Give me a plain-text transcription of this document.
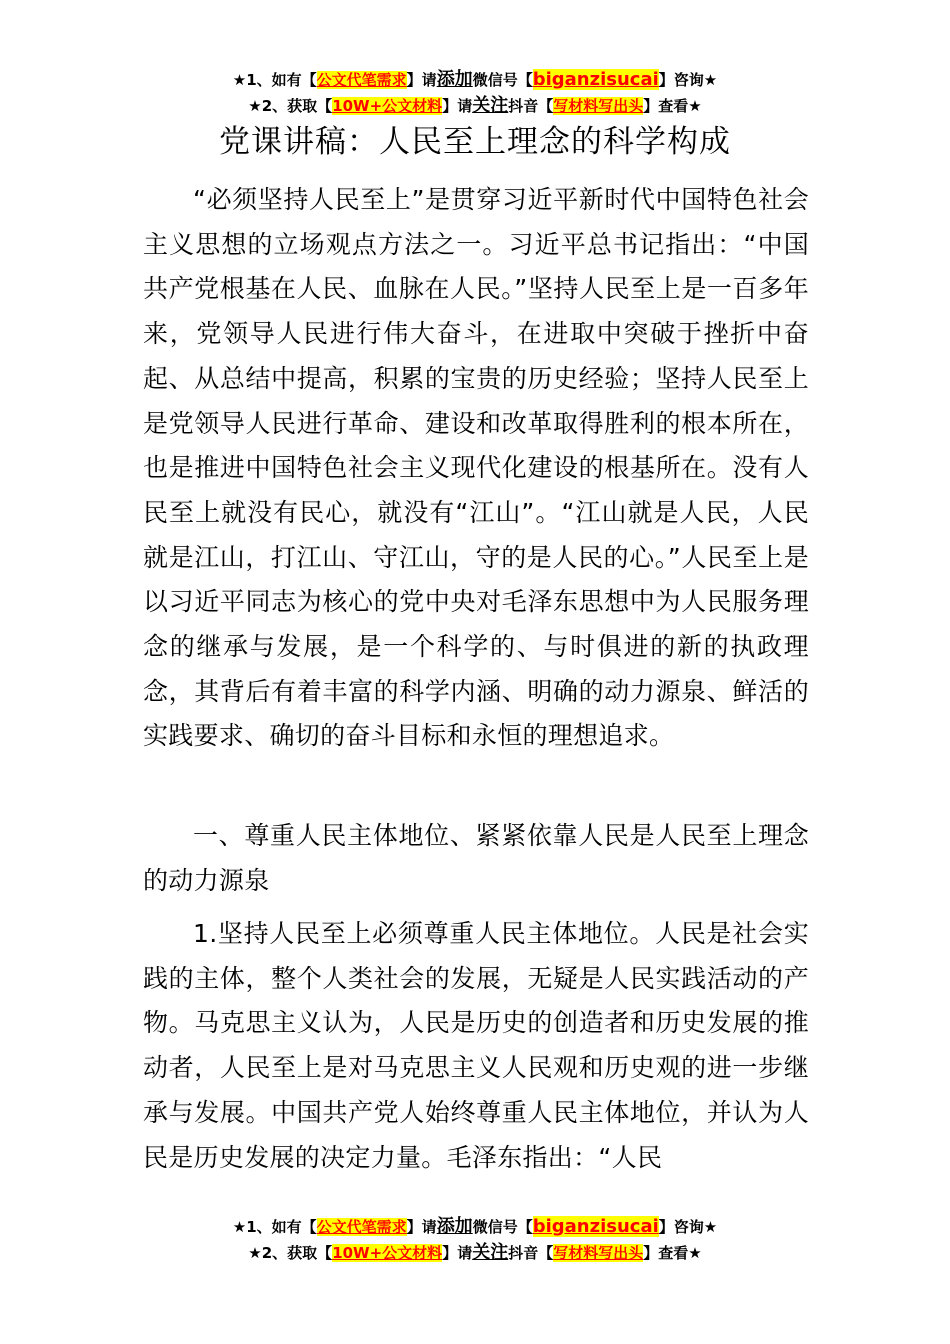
★1、如有【公文代笔需求】请添加微信号【biganzisucai】咨询★
★2、获取【10W+公文材料】请关注抖音【写材料写出头】查看★
党课讲稿：人民至上理念的科学构成

“必须坚持人民至上”是贯穿习近平新时代中国特色社会主义思想的立场观点方法之一。习近平总书记指出：“中国共产党根基在人民、血脉在人民。”坚持人民至上是一百多年来，党领导人民进行伟大奋斗，在进取中突破于挫折中奋起、从总结中提高，积累的宝贵的历史经验；坚持人民至上是党领导人民进行革命、建设和改革取得胜利的根本所在，也是推进中国特色社会主义现代化建设的根基所在。没有人民至上就没有民心，就没有“江山”。“江山就是人民，人民就是江山，打江山、守江山，守的是人民的心。”人民至上是以习近平同志为核心的党中央对毛泽东思想中为人民服务理念的继承与发展，是一个科学的、与时俱进的新的执政理念，其背后有着丰富的科学内涵、明确的动力源泉、鲜活的实践要求、确切的奋斗目标和永恒的理想追求。

一、尊重人民主体地位、紧紧依靠人民是人民至上理念的动力源泉

1.坚持人民至上必须尊重人民主体地位。人民是社会实践的主体，整个人类社会的发展，无疑是人民实践活动的产物。马克思主义认为，人民是历史的创造者和历史发展的推动者，人民至上是对马克思主义人民观和历史观的进一步继承与发展。中国共产党人始终尊重人民主体地位，并认为人民是历史发展的决定力量。毛泽东指出：“人民

★1、如有【公文代笔需求】请添加微信号【biganzisucai】咨询★
★2、获取【10W+公文材料】请关注抖音【写材料写出头】查看★
